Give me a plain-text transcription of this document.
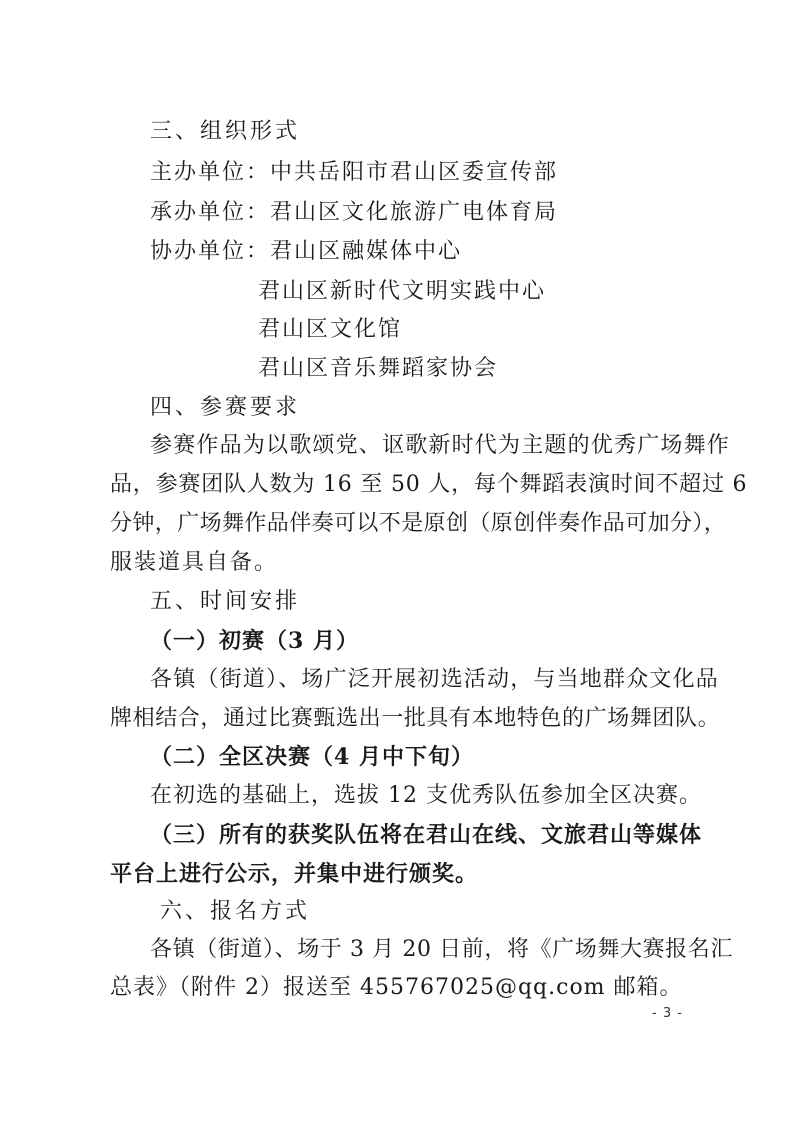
三、组织形式
主办单位：中共岳阳市君山区委宣传部
承办单位：君山区文化旅游广电体育局
协办单位：君山区融媒体中心
君山区新时代文明实践中心
君山区文化馆
君山区音乐舞蹈家协会
四、参赛要求
参赛作品为以歌颂党、讴歌新时代为主题的优秀广场舞作
品，参赛团队人数为 16 至 50 人，每个舞蹈表演时间不超过 6
分钟，广场舞作品伴奏可以不是原创（原创伴奏作品可加分），
服装道具自备。
五、时间安排
（一）初赛（3 月）
各镇（街道）、场广泛开展初选活动，与当地群众文化品
牌相结合，通过比赛甄选出一批具有本地特色的广场舞团队。
（二）全区决赛（4 月中下旬）
在初选的基础上，选拔 12 支优秀队伍参加全区决赛。
（三）所有的获奖队伍将在君山在线、文旅君山等媒体
平台上进行公示，并集中进行颁奖。
六、报名方式
各镇（街道）、场于 3 月 20 日前，将《广场舞大赛报名汇
总表》（附件 2）报送至 455767025@qq.com 邮箱。
- 3 -
